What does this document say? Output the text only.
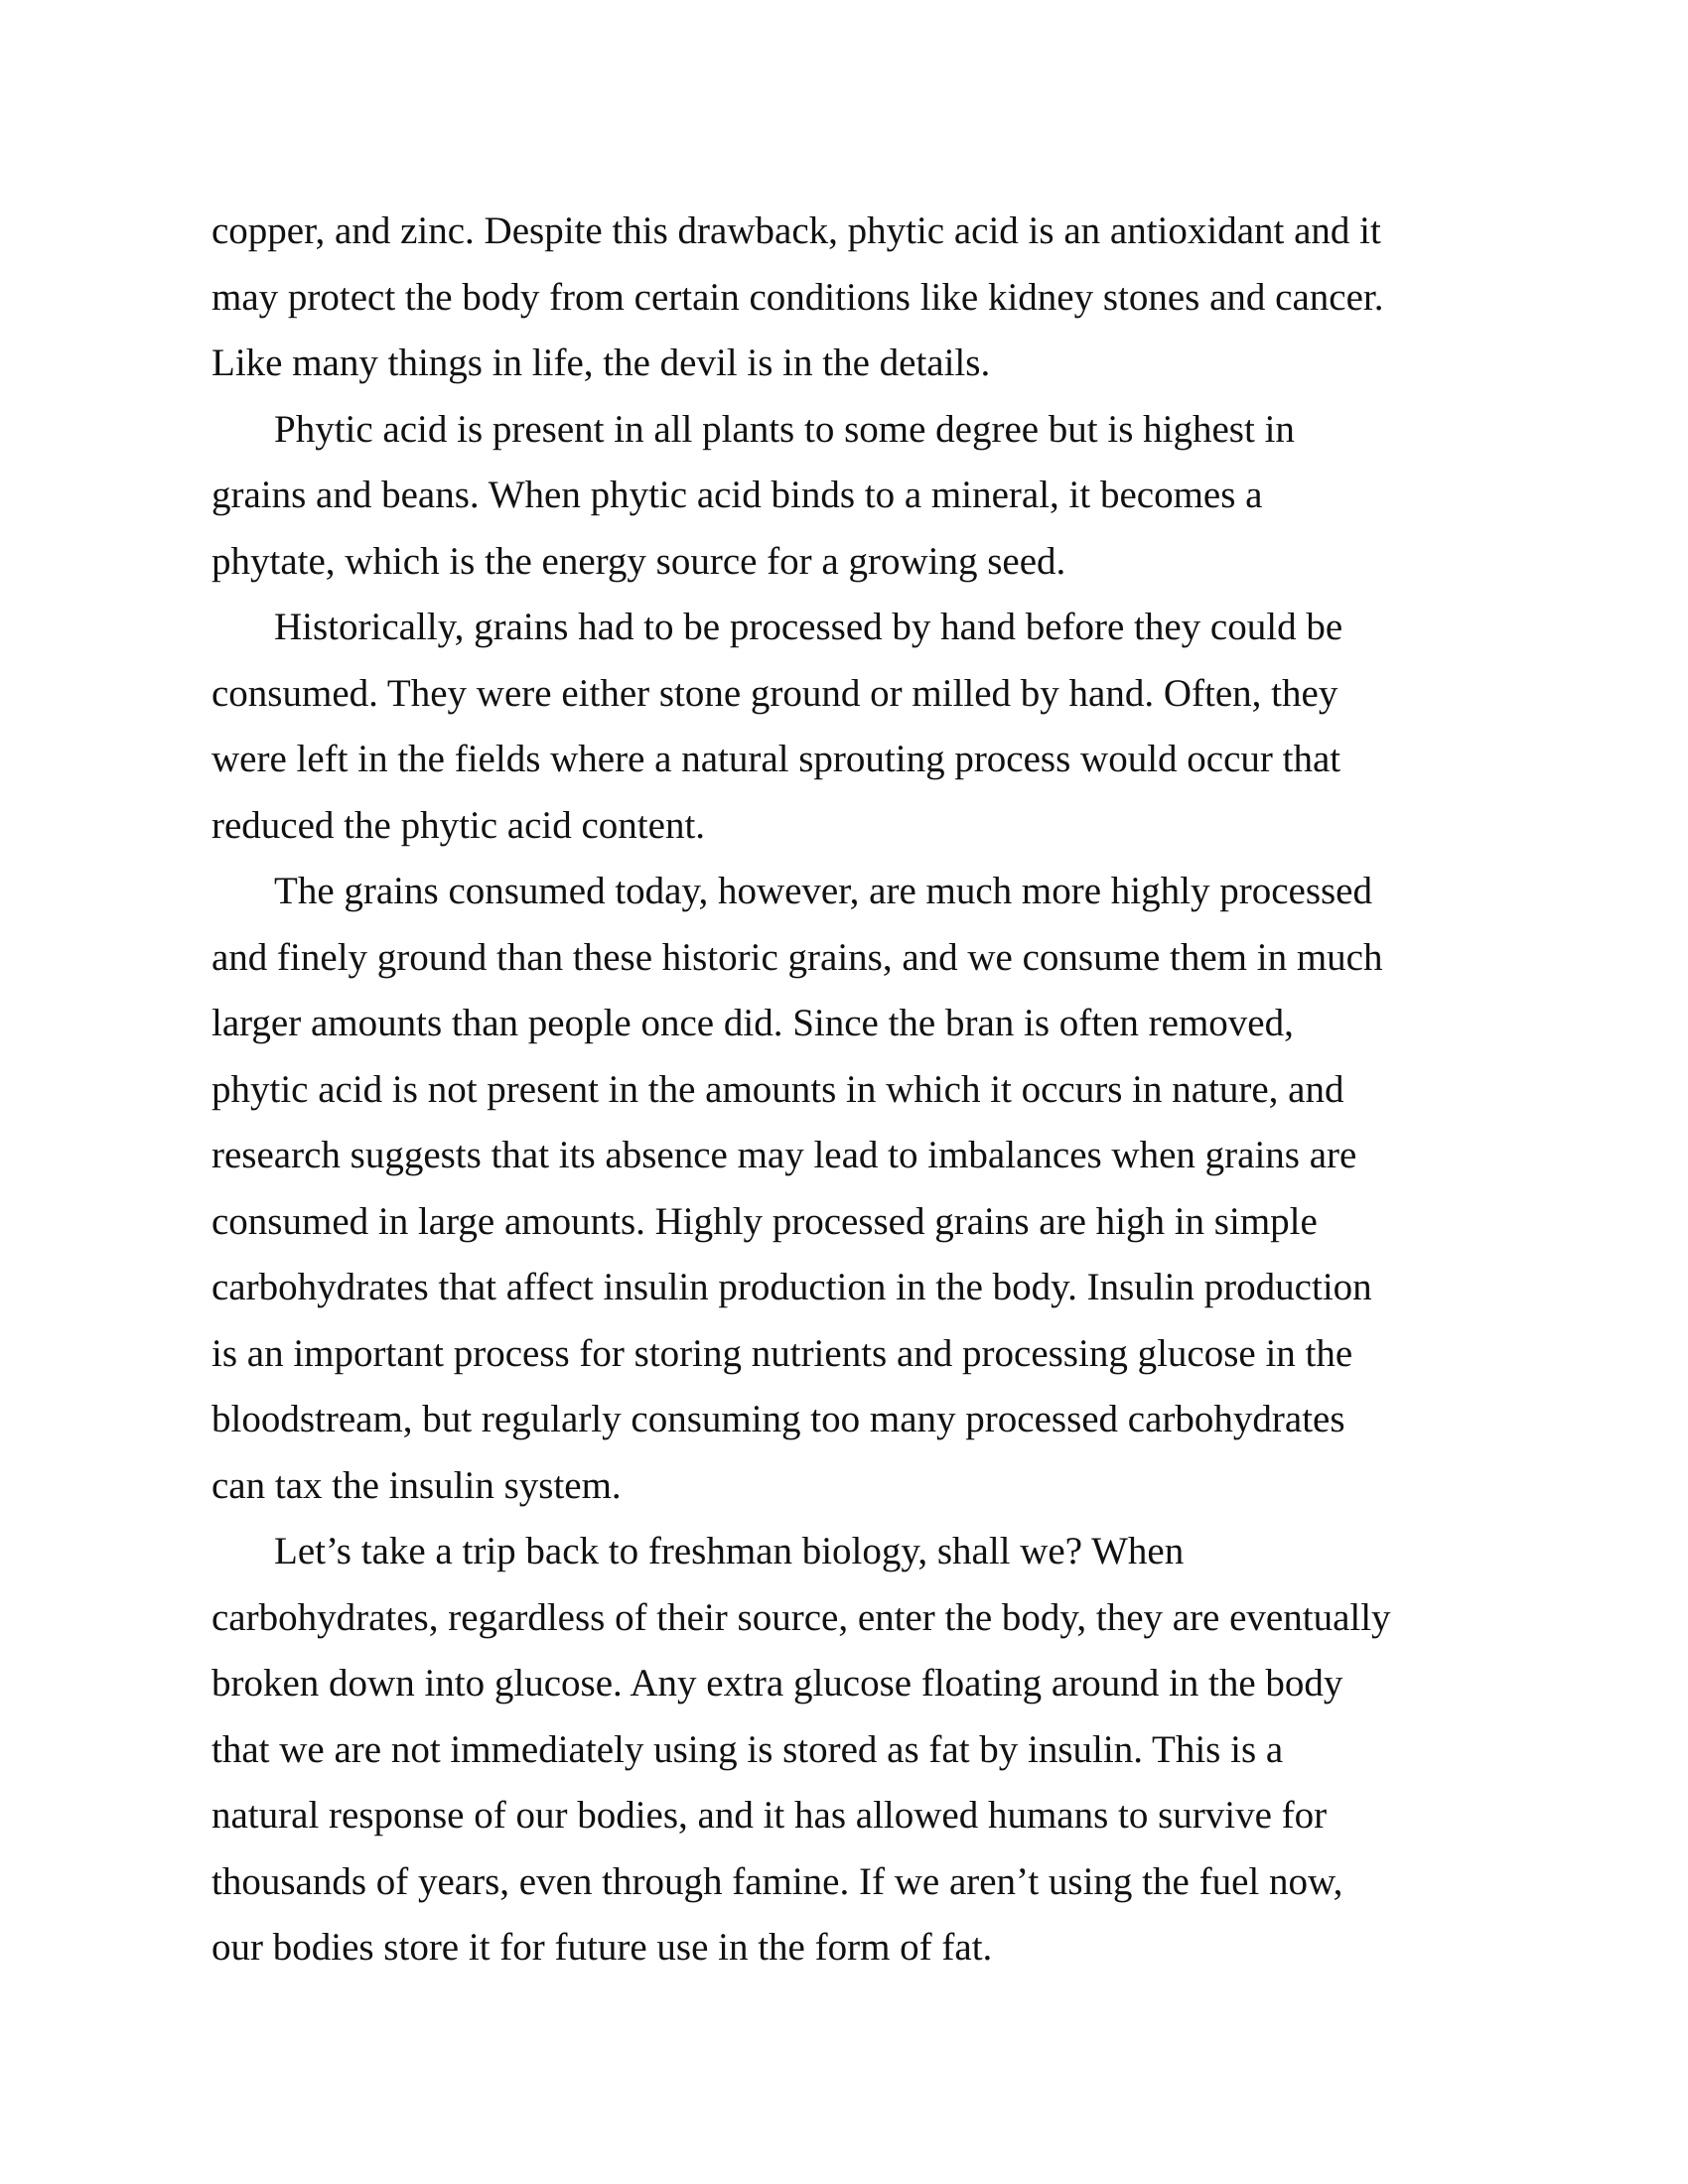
copper, and zinc. Despite this drawback, phytic acid is an antioxidant and it
may protect the body from certain conditions like kidney stones and cancer.
Like many things in life, the devil is in the details.
Phytic acid is present in all plants to some degree but is highest in
grains and beans. When phytic acid binds to a mineral, it becomes a
phytate, which is the energy source for a growing seed.
Historically, grains had to be processed by hand before they could be
consumed. They were either stone ground or milled by hand. Often, they
were left in the fields where a natural sprouting process would occur that
reduced the phytic acid content.
The grains consumed today, however, are much more highly processed
and finely ground than these historic grains, and we consume them in much
larger amounts than people once did. Since the bran is often removed,
phytic acid is not present in the amounts in which it occurs in nature, and
research suggests that its absence may lead to imbalances when grains are
consumed in large amounts. Highly processed grains are high in simple
carbohydrates that affect insulin production in the body. Insulin production
is an important process for storing nutrients and processing glucose in the
bloodstream, but regularly consuming too many processed carbohydrates
can tax the insulin system.
Let’s take a trip back to freshman biology, shall we? When
carbohydrates, regardless of their source, enter the body, they are eventually
broken down into glucose. Any extra glucose floating around in the body
that we are not immediately using is stored as fat by insulin. This is a
natural response of our bodies, and it has allowed humans to survive for
thousands of years, even through famine. If we aren’t using the fuel now,
our bodies store it for future use in the form of fat.
